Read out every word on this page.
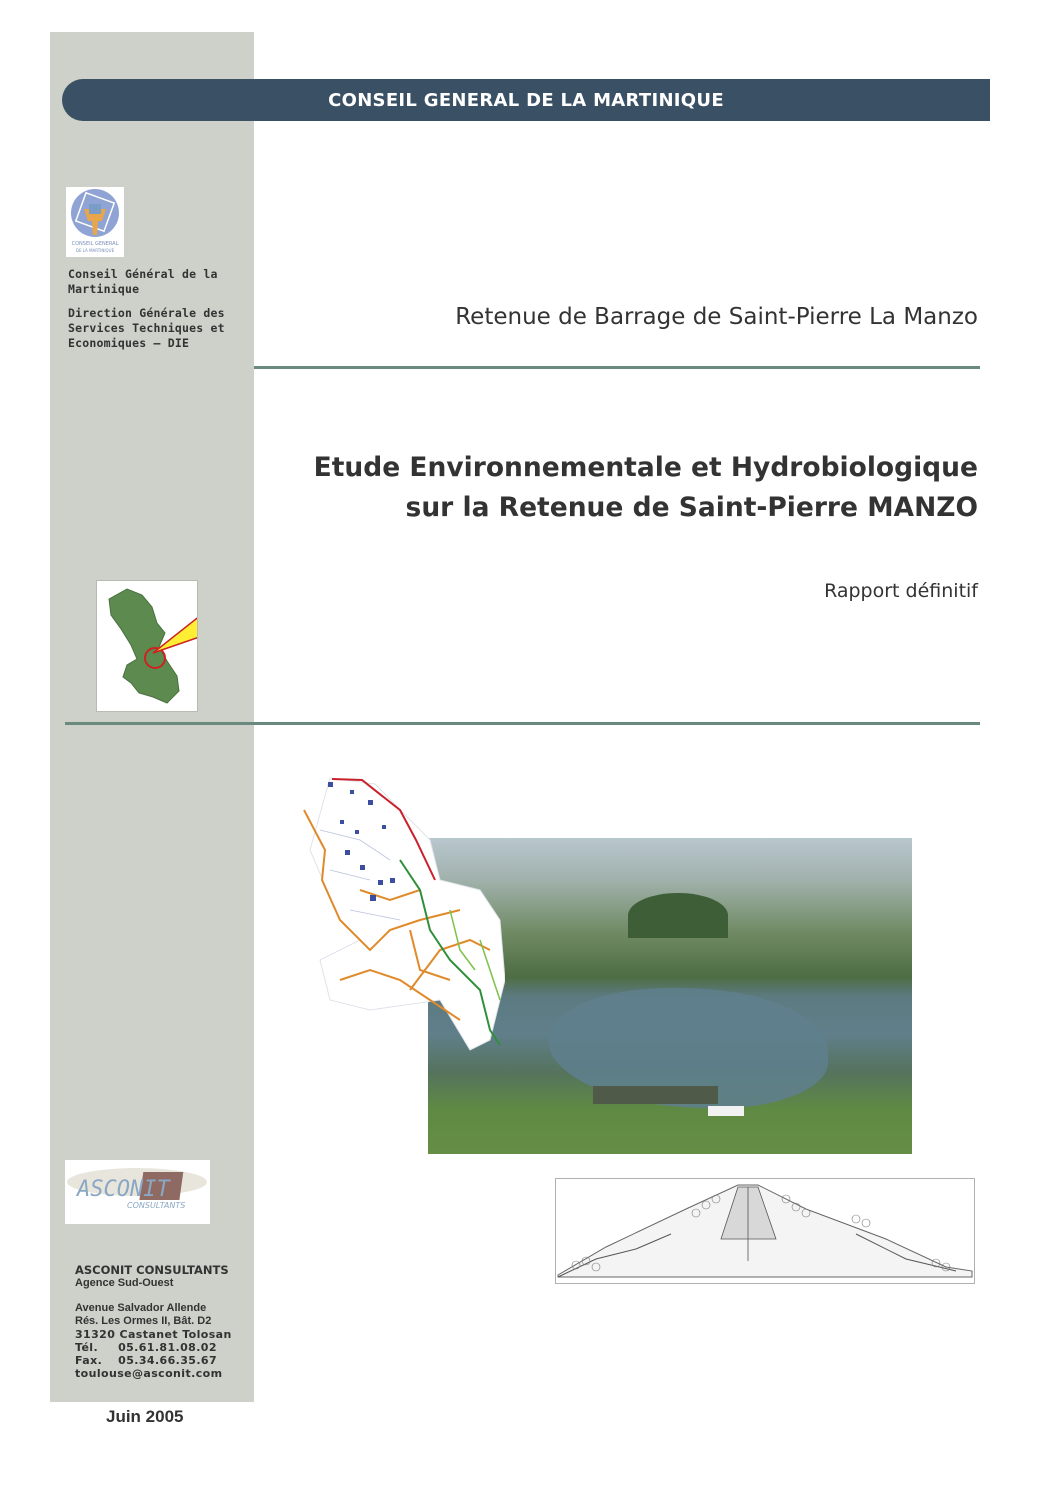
CONSEIL GENERAL DE LA MARTINIQUE
CONSEIL GENERAL
DE LA MARTINIQUE
Conseil Général de la
Martinique
Direction Générale des
Services Techniques et
Economiques – DIE
Retenue de Barrage de Saint-Pierre La Manzo
Etude Environnementale et Hydrobiologique
sur la Retenue de Saint-Pierre MANZO
Rapport définitif
ASCONIT
CONSULTANTS
ASCONIT CONSULTANTS
Agence Sud-Ouest
Avenue Salvador Allende
Rés. Les Ormes II, Bât. D2
31320 Castanet Tolosan
Tél. 05.61.81.08.02
Fax. 05.34.66.35.67
toulouse@asconit.com
Juin 2005
